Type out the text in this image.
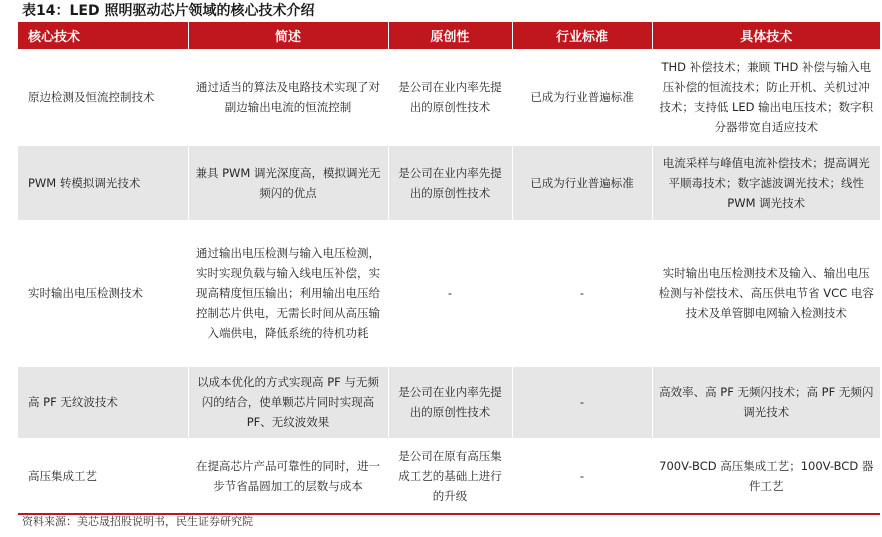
表14：LED 照明驱动芯片领域的核心技术介绍
核心技术	简述	原创性	行业标准	具体技术
原边检测及恒流控制技术	通过适当的算法及电路技术实现了对副边输出电流的恒流控制	是公司在业内率先提出的原创性技术	已成为行业普遍标准	THD 补偿技术；兼顾 THD 补偿与输入电压补偿的恒流技术；防止开机、关机过冲技术；支持低 LED 输出电压技术；数字积分器带宽自适应技术
PWM 转模拟调光技术	兼具 PWM 调光深度高，模拟调光无频闪的优点	是公司在业内率先提出的原创性技术	已成为行业普遍标准	电流采样与峰值电流补偿技术；提高调光平顺毒技术；数字滤波调光技术；线性 PWM 调光技术
实时输出电压检测技术	通过输出电压检测与输入电压检测，实时实现负载与输入线电压补偿，实现高精度恒压输出；利用输出电压给控制芯片供电，无需长时间从高压输入端供电，降低系统的待机功耗	-	-	实时输出电压检测技术及输入、输出电压检测与补偿技术、高压供电节省 VCC 电容技术及单管脚电网输入检测技术
高 PF 无纹波技术	以成本优化的方式实现高 PF 与无频闪的结合，使单颗芯片同时实现高 PF、无纹波效果	是公司在业内率先提出的原创性技术	-	高效率、高 PF 无频闪技术；高 PF 无频闪调光技术
高压集成工艺	在提高芯片产品可靠性的同时，进一步节省晶圆加工的层数与成本	是公司在原有高压集成工艺的基础上进行的升级	-	700V-BCD 高压集成工艺；100V-BCD 器件工艺
资料来源：美芯晟招股说明书，民生证券研究院
